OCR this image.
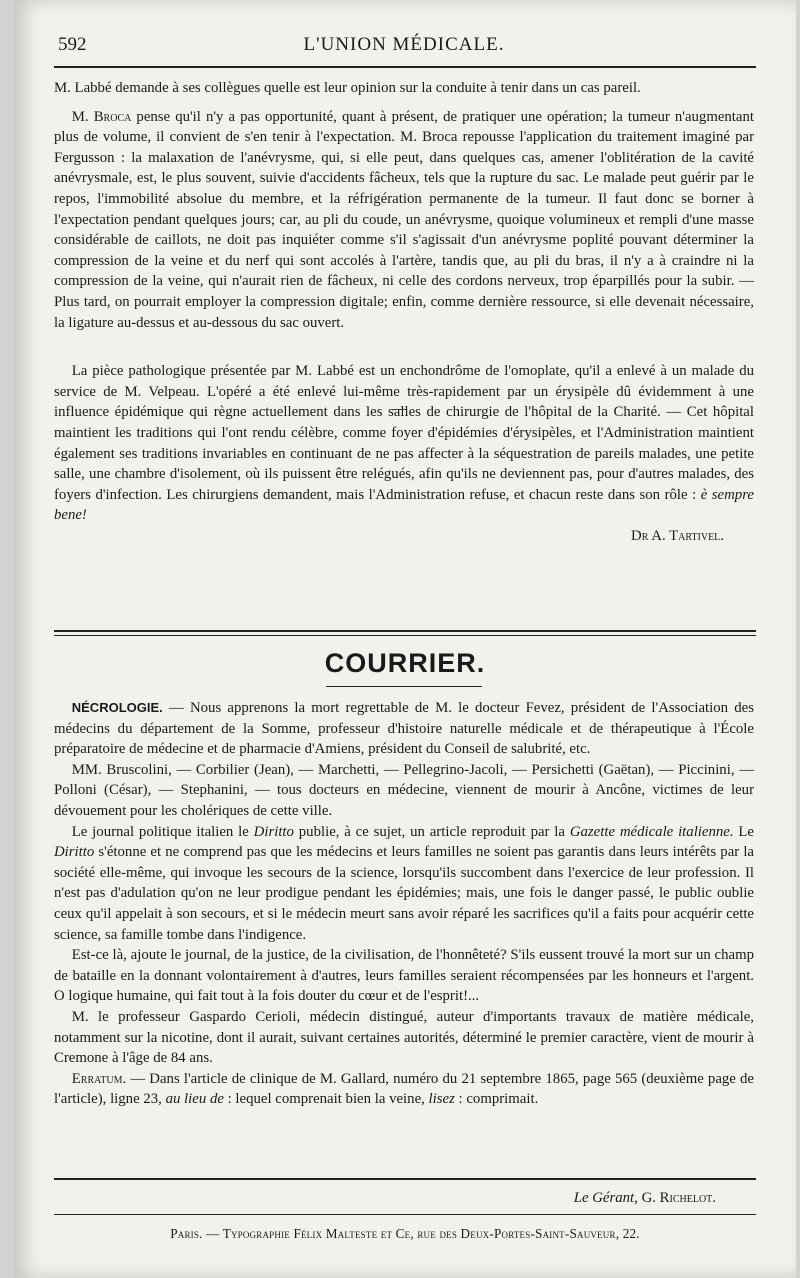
592	L'UNION MÉDICALE.

M. Labbé demande à ses collègues quelle est leur opinion sur la conduite à tenir dans un cas pareil.

M. Broca pense qu'il n'y a pas opportunité, quant à présent, de pratiquer une opération; la tumeur n'augmentant plus de volume, il convient de s'en tenir à l'expectation. M. Broca repousse l'application du traitement imaginé par Fergusson : la malaxation de l'anévrysme, qui, si elle peut, dans quelques cas, amener l'oblitération de la cavité anévrysmale, est, le plus souvent, suivie d'accidents fâcheux, tels que la rupture du sac. Le malade peut guérir par le repos, l'immobilité absolue du membre, et la réfrigération permanente de la tumeur. Il faut donc se borner à l'expectation pendant quelques jours; car, au pli du coude, un anévrysme, quoique volumineux et rempli d'une masse considérable de caillots, ne doit pas inquiéter comme s'il s'agissait d'un anévrysme poplité pouvant déterminer la compression de la veine et du nerf qui sont accolés à l'artère, tandis que, au pli du bras, il n'y a à craindre ni la compression de la veine, qui n'aurait rien de fâcheux, ni celle des cordons nerveux, trop éparpillés pour la subir. — Plus tard, on pourrait employer la compression digitale; enfin, comme dernière ressource, si elle devenait nécessaire, la ligature au-dessus et au-dessous du sac ouvert.

La pièce pathologique présentée par M. Labbé est un enchondrôme de l'omoplate, qu'il a enlevé à un malade du service de M. Velpeau. L'opéré a été enlevé lui-même très-rapidement par un érysipèle dû évidemment à une influence épidémique qui règne actuellement dans les salles de chirurgie de l'hôpital de la Charité. — Cet hôpital maintient les traditions qui l'ont rendu célèbre, comme foyer d'épidémies d'érysipèles, et l'Administration maintient également ses traditions invariables en continuant de ne pas affecter à la séquestration de pareils malades, une petite salle, une chambre d'isolement, où ils puissent être relégués, afin qu'ils ne deviennent pas, pour d'autres malades, des foyers d'infection. Les chirurgiens demandent, mais l'Administration refuse, et chacun reste dans son rôle : è sempre bene!

Dr A. Tartivel.
COURRIER.

NÉCROLOGIE. — Nous apprenons la mort regrettable de M. le docteur Fevez, président de l'Association des médecins du département de la Somme, professeur d'histoire naturelle médicale et de thérapeutique à l'École préparatoire de médecine et de pharmacie d'Amiens, président du Conseil de salubrité, etc.

MM. Bruscolini, — Corbilier (Jean), — Marchetti, — Pellegrino-Jacoli, — Persichetti (Gaëtan), — Piccinini, — Polloni (César), — Stephanini, — tous docteurs en médecine, viennent de mourir à Ancône, victimes de leur dévouement pour les cholériques de cette ville.

Le journal politique italien le Diritto publie, à ce sujet, un article reproduit par la Gazette médicale italienne. Le Diritto s'étonne et ne comprend pas que les médecins et leurs familles ne soient pas garantis dans leurs intérêts par la société elle-même, qui invoque les secours de la science, lorsqu'ils succombent dans l'exercice de leur profession. Il n'est pas d'adulation qu'on ne leur prodigue pendant les épidémies; mais, une fois le danger passé, le public oublie ceux qu'il appelait à son secours, et si le médecin meurt sans avoir réparé les sacrifices qu'il a faits pour acquérir cette science, sa famille tombe dans l'indigence.

Est-ce là, ajoute le journal, de la justice, de la civilisation, de l'honnêteté? S'ils eussent trouvé la mort sur un champ de bataille en la donnant volontairement à d'autres, leurs familles seraient récompensées par les honneurs et l'argent. O logique humaine, qui fait tout à la fois douter du cœur et de l'esprit!...

M. le professeur Gaspardo Cerioli, médecin distingué, auteur d'importants travaux de matière médicale, notamment sur la nicotine, dont il aurait, suivant certaines autorités, déterminé le premier caractère, vient de mourir à Cremone à l'âge de 84 ans.

Erratum. — Dans l'article de clinique de M. Gallard, numéro du 21 septembre 1865, page 565 (deuxième page de l'article), ligne 23, au lieu de : lequel comprenait bien la veine, lisez : comprimait.

Le Gérant, G. Richelot.
Paris. — Typographie Félix Malteste et Ce, rue des Deux-Portes-Saint-Sauveur, 22.
